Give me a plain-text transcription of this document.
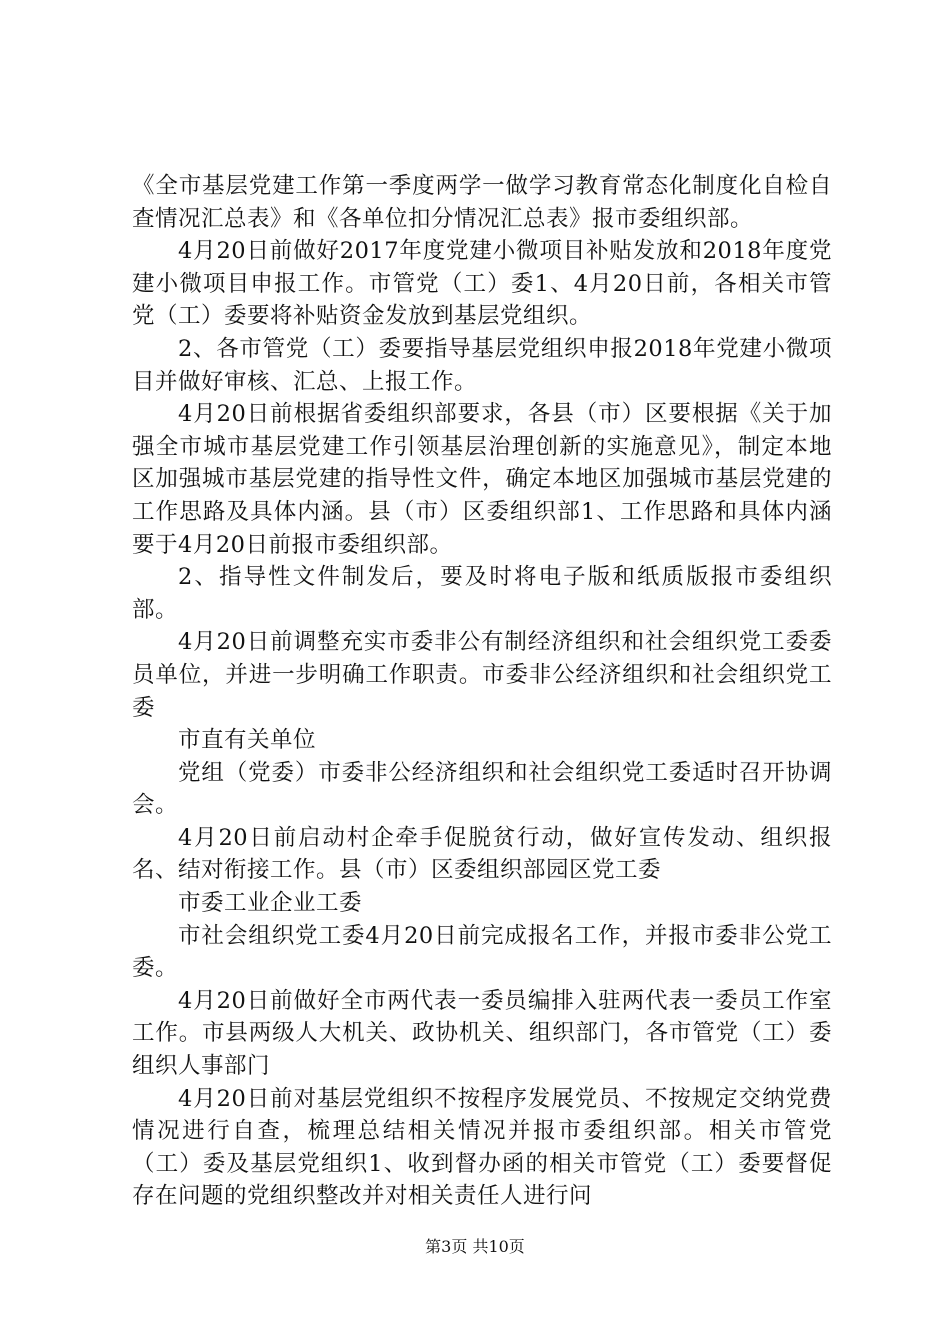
《全市基层党建工作第一季度两学一做学习教育常态化制度化自检自查情况汇总表》和《各单位扣分情况汇总表》报市委组织部。

4月20日前做好2017年度党建小微项目补贴发放和2018年度党建小微项目申报工作。市管党（工）委1、4月20日前，各相关市管党（工）委要将补贴资金发放到基层党组织。

2、各市管党（工）委要指导基层党组织申报2018年党建小微项目并做好审核、汇总、上报工作。

4月20日前根据省委组织部要求，各县（市）区要根据《关于加强全市城市基层党建工作引领基层治理创新的实施意见》，制定本地区加强城市基层党建的指导性文件，确定本地区加强城市基层党建的工作思路及具体内涵。县（市）区委组织部1、工作思路和具体内涵要于4月20日前报市委组织部。

2、指导性文件制发后，要及时将电子版和纸质版报市委组织部。

4月20日前调整充实市委非公有制经济组织和社会组织党工委委员单位，并进一步明确工作职责。市委非公经济组织和社会组织党工委

市直有关单位

党组（党委）市委非公经济组织和社会组织党工委适时召开协调会。

4月20日前启动村企牵手促脱贫行动，做好宣传发动、组织报名、结对衔接工作。县（市）区委组织部园区党工委

市委工业企业工委

市社会组织党工委4月20日前完成报名工作，并报市委非公党工委。

4月20日前做好全市两代表一委员编排入驻两代表一委员工作室工作。市县两级人大机关、政协机关、组织部门，各市管党（工）委组织人事部门

4月20日前对基层党组织不按程序发展党员、不按规定交纳党费情况进行自查，梳理总结相关情况并报市委组织部。相关市管党（工）委及基层党组织1、收到督办函的相关市管党（工）委要督促存在问题的党组织整改并对相关责任人进行问

第3页 共10页
